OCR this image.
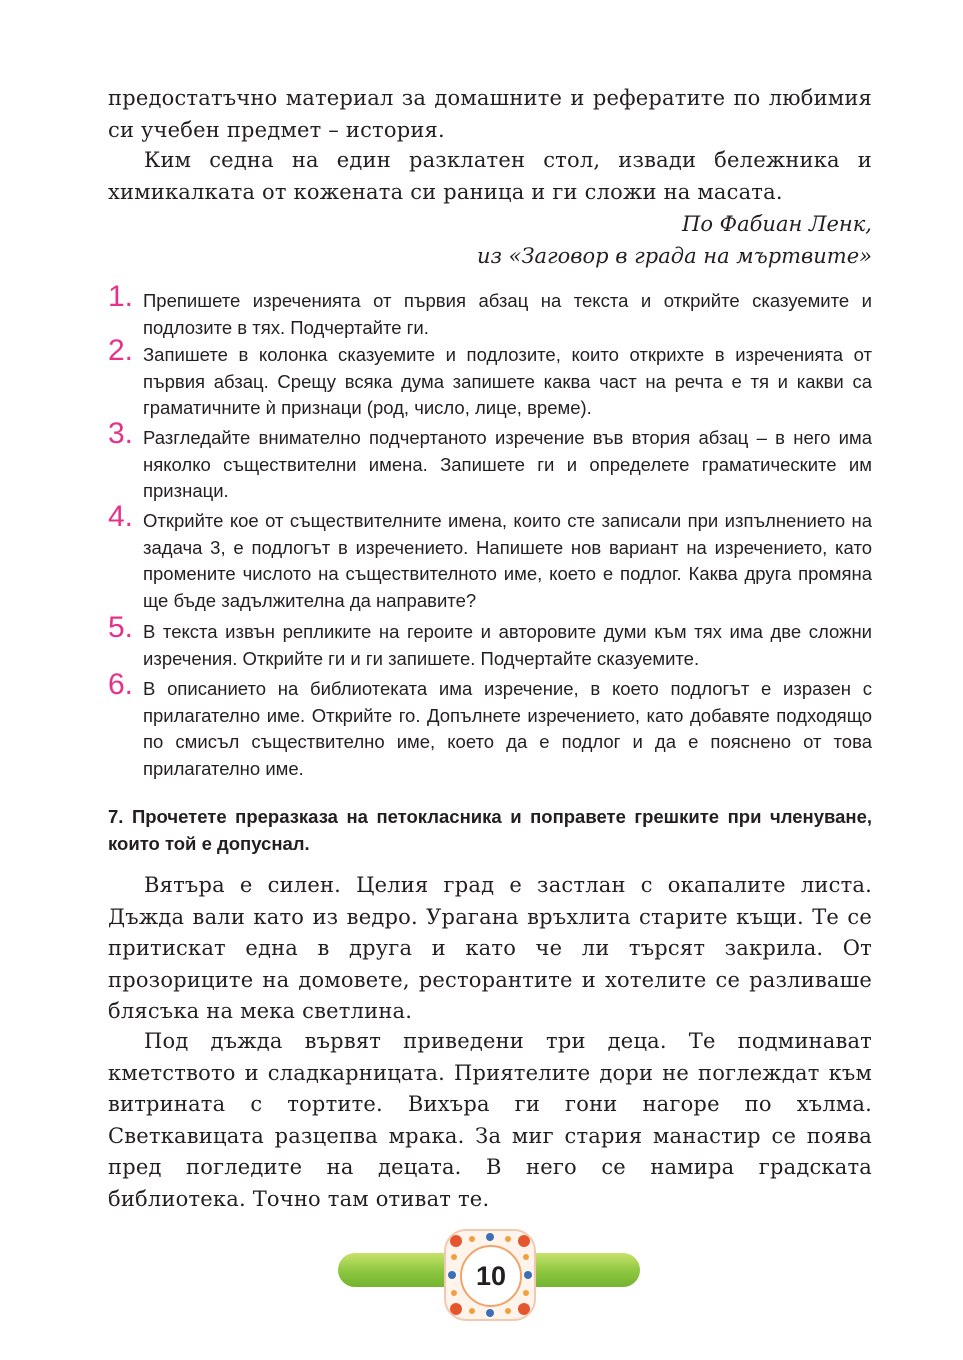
предостатъчно материал за домашните и рефератите по любимия си учебен предмет – история.
Ким седна на един разклатен стол, извади бележника и химикалката от кожената си раница и ги сложи на масата.
По Фабиан Ленк,
из «Заговор в града на мъртвите»
1. Препишете изреченията от първия абзац на текста и открийте сказуемите и подлозите в тях. Подчертайте ги.
2. Запишете в колонка сказуемите и подлозите, които открихте в изреченията от първия абзац. Срещу всяка дума запишете каква част на речта е тя и какви са граматичните ѝ признаци (род, число, лице, време).
3. Разгледайте внимателно подчертаното изречение във втория абзац – в него има няколко съществителни имена. Запишете ги и определете граматическите им признаци.
4. Открийте кое от съществителните имена, които сте записали при изпълнението на задача 3, е подлогът в изречението. Напишете нов вариант на изречението, като промените числото на съществителното име, което е подлог. Каква друга промяна ще бъде задължителна да направите?
5. В текста извън репликите на героите и авторовите думи към тях има две сложни изречения. Открийте ги и ги запишете. Подчертайте сказуемите.
6. В описанието на библиотеката има изречение, в което подлогът е изразен с прилагателно име. Открийте го. Допълнете изречението, като добавяте подходящо по смисъл съществително име, което да е подлог и да е пояснено от това прилагателно име.
7. Прочетете преразказа на петокласника и поправете грешките при членуване, които той е допуснал.
Вятъра е силен. Целия град е застлан с окапалите листа. Дъжда вали като из ведро. Урагана връхлита старите къщи. Те се притискат една в друга и като че ли търсят закрила. От прозориците на домовете, ресторантите и хотелите се разливаше блясъка на мека светлина.
Под дъжда вървят приведени три деца. Те подминават кметството и сладкарницата. Приятелите дори не поглеждат към витрината с тортите. Вихъра ги гони нагоре по хълма. Светкавицата разцепва мрака. За миг стария манастир се поява пред погледите на децата. В него се намира градската библиотека. Точно там отиват те.
10
